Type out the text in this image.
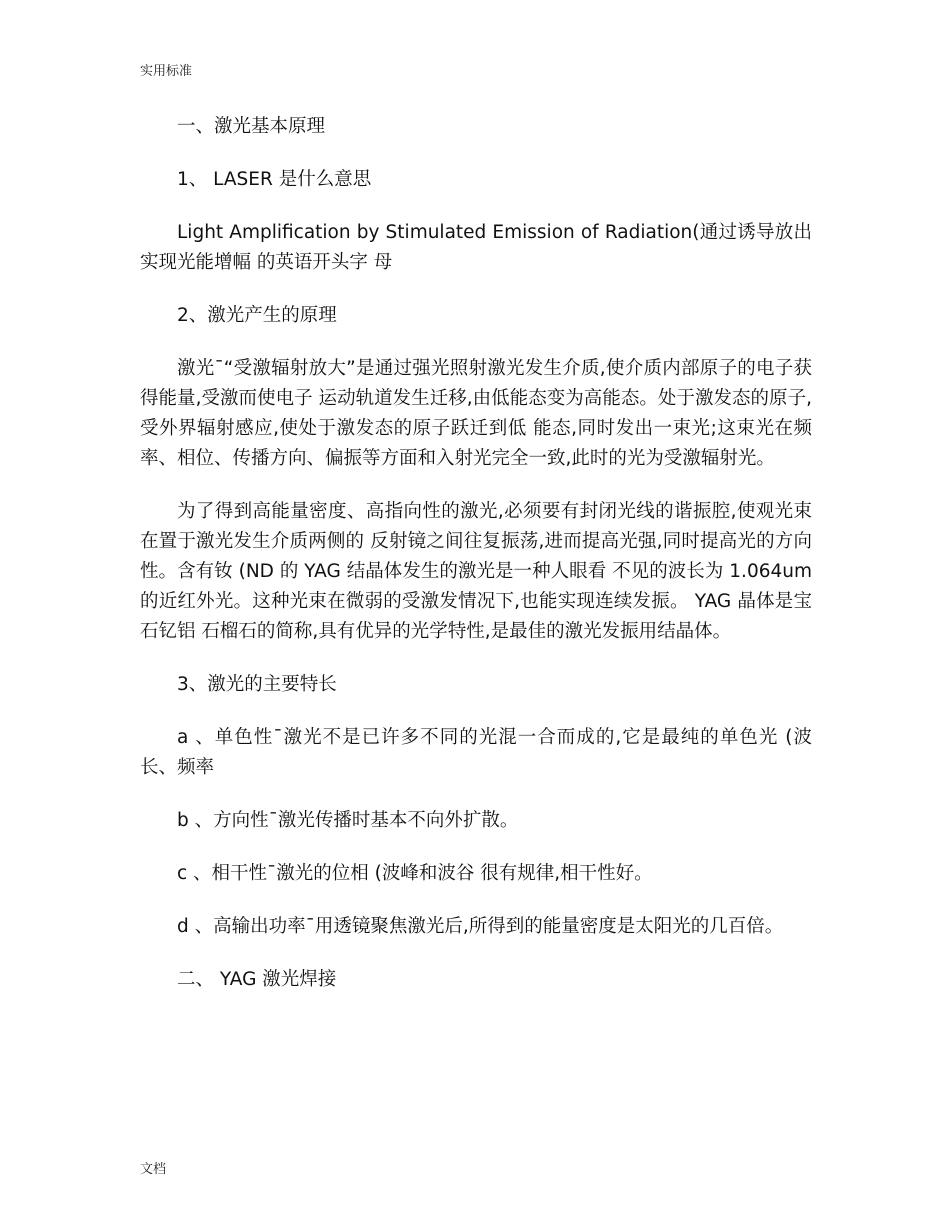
实用标准

一、激光基本原理

1、 LASER 是什么意思

Light Amplification by Stimulated Emission of Radiation(通过诱导放出实现光能增幅 的英语开头字 母

2、激光产生的原理

激光¯“受激辐射放大”是通过强光照射激光发生介质,使介质内部原子的电子获得能量,受激而使电子 运动轨道发生迁移,由低能态变为高能态。处于激发态的原子,受外界辐射感应,使处于激发态的原子跃迁到低 能态,同时发出一束光;这束光在频率、相位、传播方向、偏振等方面和入射光完全一致,此时的光为受激辐射光。

为了得到高能量密度、高指向性的激光,必须要有封闭光线的谐振腔,使观光束在置于激光发生介质两侧的 反射镜之间往复振荡,进而提高光强,同时提高光的方向性。含有钕 (ND 的 YAG 结晶体发生的激光是一种人眼看 不见的波长为 1.064um 的近红外光。这种光束在微弱的受激发情况下,也能实现连续发振。 YAG 晶体是宝石钇铝 石榴石的简称,具有优异的光学特性,是最佳的激光发振用结晶体。

3、激光的主要特长

a 、单色性¯激光不是已许多不同的光混一合而成的,它是最纯的单色光 (波长、频率

b 、方向性¯激光传播时基本不向外扩散。

c 、相干性¯激光的位相 (波峰和波谷 很有规律,相干性好。

d 、高输出功率¯用透镜聚焦激光后,所得到的能量密度是太阳光的几百倍。

二、 YAG 激光焊接

文档
